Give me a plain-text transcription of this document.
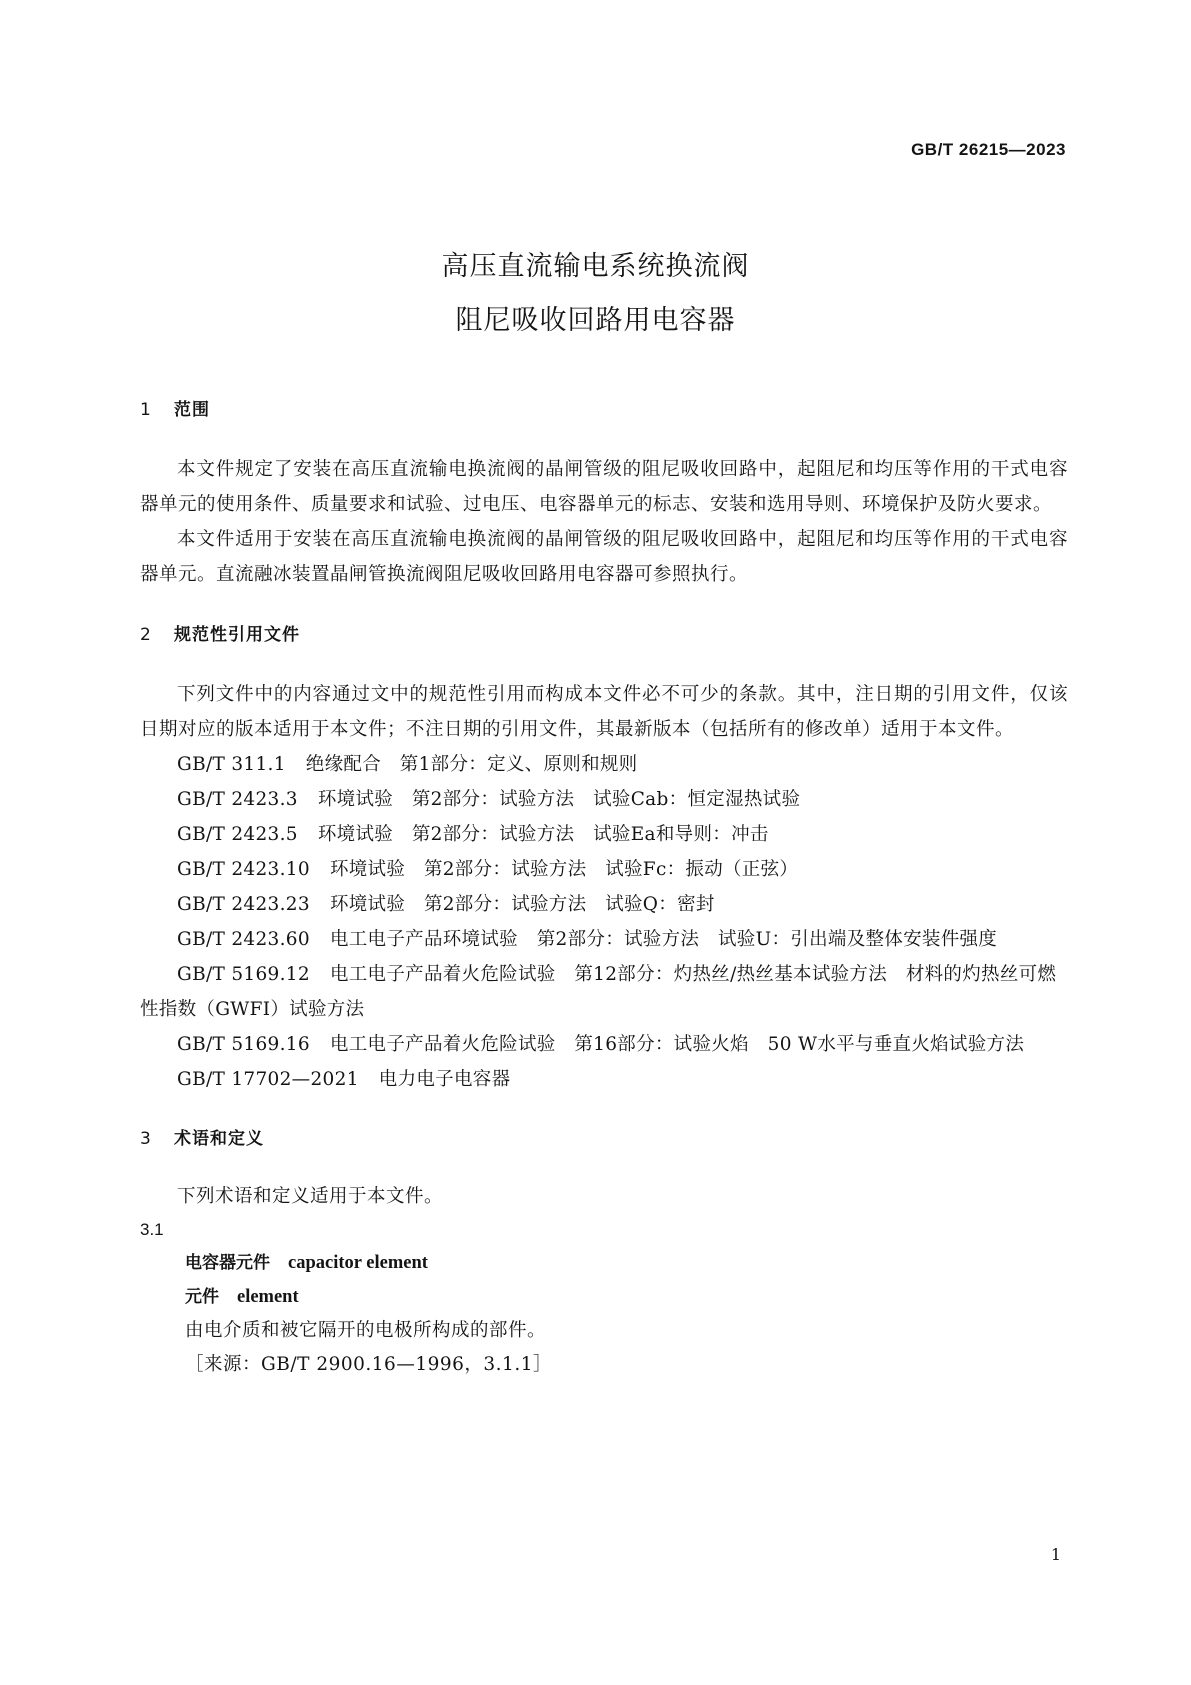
GB/T 26215—2023
高压直流输电系统换流阀
阻尼吸收回路用电容器
1 范围
本文件规定了安装在高压直流输电换流阀的晶闸管级的阻尼吸收回路中，起阻尼和均压等作用的干式电容器单元的使用条件、质量要求和试验、过电压、电容器单元的标志、安装和选用导则、环境保护及防火要求。
本文件适用于安装在高压直流输电换流阀的晶闸管级的阻尼吸收回路中，起阻尼和均压等作用的干式电容器单元。直流融冰装置晶闸管换流阀阻尼吸收回路用电容器可参照执行。
2 规范性引用文件
下列文件中的内容通过文中的规范性引用而构成本文件必不可少的条款。其中，注日期的引用文件，仅该日期对应的版本适用于本文件；不注日期的引用文件，其最新版本（包括所有的修改单）适用于本文件。
GB/T 311.1 绝缘配合　第1部分：定义、原则和规则
GB/T 2423.3 环境试验　第2部分：试验方法　试验Cab：恒定湿热试验
GB/T 2423.5 环境试验　第2部分：试验方法　试验Ea和导则：冲击
GB/T 2423.10 环境试验　第2部分：试验方法　试验Fc：振动（正弦）
GB/T 2423.23 环境试验　第2部分：试验方法　试验Q：密封
GB/T 2423.60 电工电子产品环境试验　第2部分：试验方法　试验U：引出端及整体安装件强度
GB/T 5169.12 电工电子产品着火危险试验　第12部分：灼热丝/热丝基本试验方法　材料的灼热丝可燃性指数（GWFI）试验方法
GB/T 5169.16 电工电子产品着火危险试验　第16部分：试验火焰　50 W水平与垂直火焰试验方法
GB/T 17702—2021 电力电子电容器
3 术语和定义
下列术语和定义适用于本文件。
3.1
电容器元件 capacitor element
元件 element
由电介质和被它隔开的电极所构成的部件。
［来源：GB/T 2900.16—1996，3.1.1］
1
